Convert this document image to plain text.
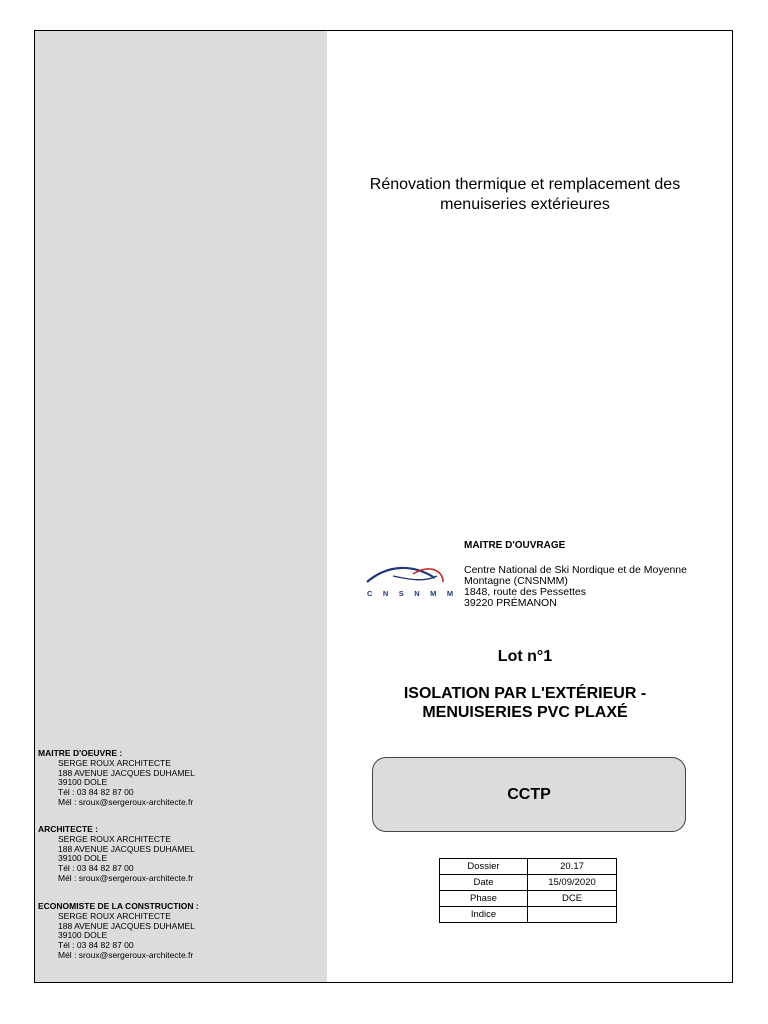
Rénovation thermique et remplacement des
menuiseries extérieures
MAITRE D'OUVRAGE
C N S N M M
Centre National de Ski Nordique et de Moyenne
Montagne (CNSNMM)
1848, route des Pessettes
39220 PRÉMANON
Lot n°1
ISOLATION PAR L'EXTÉRIEUR -
MENUISERIES PVC PLAXÉ
CCTP
Dossier	20.17
Date	15/09/2020
Phase	DCE
Indice	
MAITRE D'OEUVRE :
SERGE ROUX ARCHITECTE
188 AVENUE JACQUES DUHAMEL
39100 DOLE
Tél : 03 84 82 87 00
Mél : sroux@sergeroux-architecte.fr
ARCHITECTE :
SERGE ROUX ARCHITECTE
188 AVENUE JACQUES DUHAMEL
39100 DOLE
Tél : 03 84 82 87 00
Mél : sroux@sergeroux-architecte.fr
ECONOMISTE DE LA CONSTRUCTION :
SERGE ROUX ARCHITECTE
188 AVENUE JACQUES DUHAMEL
39100 DOLE
Tél : 03 84 82 87 00
Mél : sroux@sergeroux-architecte.fr
